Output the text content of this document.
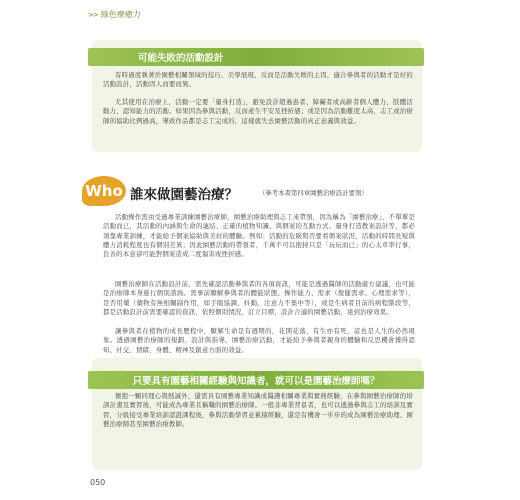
>> 綠色療癒力
可能失敗的活動設計

有時過度執著於園藝相關領域的技巧、美學展現，反而是活動失敗的主因，適合參與者的活動才是好的活動設計，活動因人而要而異。

尤其使用在治療上，活動一定要「量身打造」，避免設計超過患者、障礙者或高齡者個人體力、肢體活動力、認知能力的活動。如果因為參與活動，反而產生不安及挫折感；或是因為活動難度太高，志工或治療師的協助比例過高，導致作品都是志工完成的，這樣就失去園藝活動的真正意義與效益。

Who 誰來做園藝治療？	（參考本書第四章園藝治療設計要領）

活動操作需由受過專業訓練園藝治療師、園藝治療助理與志工來帶領，因為稱為「園藝治療」，不單單是活動而已，其活動的內涵與生命的連結、正確的植物知識、與個案的互動方式、量身打造教案設計等，都必須靠專業訓練，才能給予個案協助與美好的體驗。例如：活動的危險與否要看個案狀況，活動的時間長短與體力消耗程度也有個別差異；因此園藝活動的帶領者，千萬不可以抱持只是「玩玩而已」的心太草率行事，負善的本意卻可能對個案造成二度傷害或挫折感。

園藝治療師在活動設計前，需先確認活動參與者的各項資訊，可能是透過醫師的活動處方建議，也可能是治療師本身進行個別諮詢。需事前瞭解參與者的體能狀態、操作能力、需求（復健需求、心理需求等），是否用藥（藥物有無相關副作用，如手眼協調、抖動、注意力不集中等），或是生病者目前的病程階段等，都是活動設計前需要確認的資訊，依照個別情況，訂立目標，設計合適的園藝活動，達到治療效果。

讓參與者在植物的成長歷程中，瞭解生命是有週期的，花開花落，有生亦有死，這也是人生的必然現象。透過園藝治療師的規劃、設計與指導，園藝治療活動，才能給予參與者親身的體驗和反思機會獲得認知、社交、情緒、身體、精神及創意方面的效益。

只要具有園藝相關經驗與知識者，就可以是園藝治療師嗎？

懷抱一顆同理心與熱誠外，還需具有園藝專業知識或醫護相關專業與實務經驗，在參與園藝治療師的培訓計畫及實習後，可能成為專業且稱職的園藝治療師。一般非專業背景者，也可以透過參與志工的培訓及實習，分級接受專業培訓認證課程後，參與活動學習並累積經驗，還是有機會一步步的成為園藝治療助理、園藝治療師甚至園藝治療教師。

050
